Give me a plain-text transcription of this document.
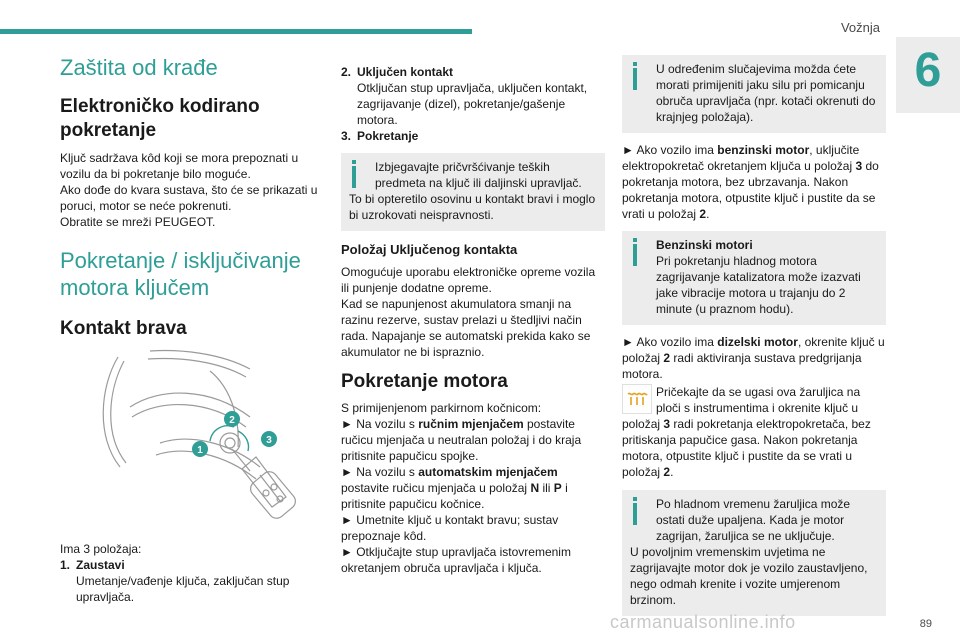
Vožnja
6
Zaštita od krađe
Elektroničko kodirano pokretanje
Ključ sadržava kôd koji se mora prepoznati u vozilu da bi pokretanje bilo moguće.
Ako dođe do kvara sustava, što će se prikazati u poruci, motor se neće pokrenuti.
Obratite se mreži PEUGEOT.
Pokretanje / isključivanje motora ključem
Kontakt brava
1
2
3
Ima 3 položaja:
1. Zaustavi
Umetanje/vađenje ključa, zaključan stup upravljača.
2. Uključen kontakt
Otključan stup upravljača, uključen kontakt, zagrijavanje (dizel), pokretanje/gašenje motora.
3. Pokretanje
Izbjegavajte pričvršćivanje teških predmeta na ključ ili daljinski upravljač.
To bi opteretilo osovinu u kontakt bravi i moglo bi uzrokovati neispravnosti.
Položaj Uključenog kontakta
Omogućuje uporabu elektroničke opreme vozila ili punjenje dodatne opreme.
Kad se napunjenost akumulatora smanji na razinu rezerve, sustav prelazi u štedljivi način rada. Napajanje se automatski prekida kako se akumulator ne bi ispraznio.
Pokretanje motora
S primijenjenom parkirnom kočnicom:
► Na vozilu s ručnim mjenjačem postavite ručicu mjenjača u neutralan položaj i do kraja pritisnite papučicu spojke.
► Na vozilu s automatskim mjenjačem postavite ručicu mjenjača u položaj N ili P i pritisnite papučicu kočnice.
► Umetnite ključ u kontakt bravu; sustav prepoznaje kôd.
► Otključajte stup upravljača istovremenim okretanjem obruča upravljača i ključa.
U određenim slučajevima možda ćete morati primijeniti jaku silu pri pomicanju obruča upravljača (npr. kotači okrenuti do krajnjeg položaja).
► Ako vozilo ima benzinski motor, uključite elektropokretač okretanjem ključa u položaj 3 do pokretanja motora, bez ubrzavanja. Nakon pokretanja motora, otpustite ključ i pustite da se vrati u položaj 2.
Benzinski motori
Pri pokretanju hladnog motora zagrijavanje katalizatora može izazvati jake vibracije motora u trajanju do 2 minute (u praznom hodu).
► Ako vozilo ima dizelski motor, okrenite ključ u položaj 2 radi aktiviranja sustava predgrijanja motora.
Pričekajte da se ugasi ova žaruljica na ploči s instrumentima i okrenite ključ u položaj 3 radi pokretanja elektropokretača, bez pritiskanja papučice gasa. Nakon pokretanja motora, otpustite ključ i pustite da se vrati u položaj 2.
Po hladnom vremenu žaruljica može ostati duže upaljena. Kada je motor zagrijan, žaruljica se ne uključuje.
U povoljnim vremenskim uvjetima ne zagrijavajte motor dok je vozilo zaustavljeno, nego odmah krenite i vozite umjerenom brzinom.
carmanualsonline.info	89
